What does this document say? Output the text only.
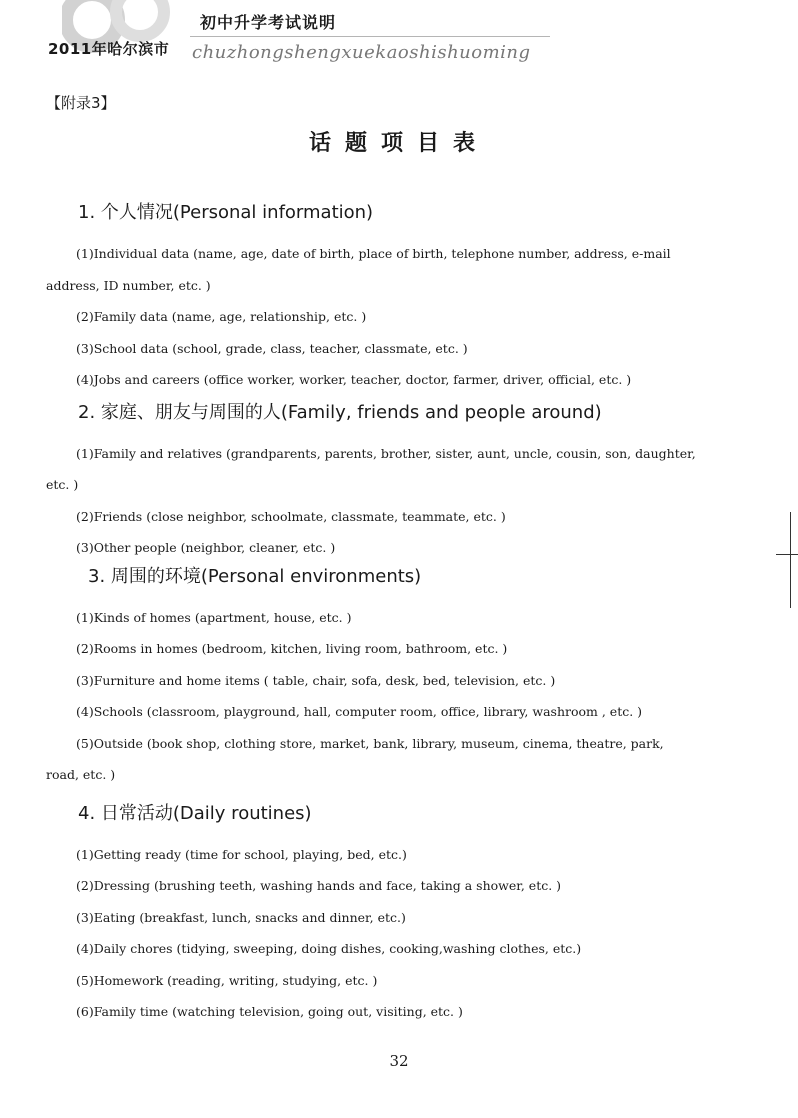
2011年哈尔滨市
初中升学考试说明
chuzhongshengxuekaoshishuoming
【附录3】
话题项目表
1. 个人情况(Personal information)

(1)Individual data (name, age, date of birth, place of birth, telephone number, address, e-mail address, ID number, etc. )

(2)Family data (name, age, relationship, etc. )

(3)School data (school, grade, class, teacher, classmate, etc. )

(4)Jobs and careers (office worker, worker, teacher, doctor, farmer, driver, official, etc. )

2. 家庭、朋友与周围的人(Family, friends and people around)

(1)Family and relatives (grandparents, parents, brother, sister, aunt, uncle, cousin, son, daughter, etc. )

(2)Friends (close neighbor, schoolmate, classmate, teammate, etc. )

(3)Other people (neighbor, cleaner, etc. )

3. 周围的环境(Personal environments)

(1)Kinds of homes (apartment, house, etc. )

(2)Rooms in homes (bedroom, kitchen, living room, bathroom, etc. )

(3)Furniture and home items ( table, chair, sofa, desk, bed, television, etc. )

(4)Schools (classroom, playground, hall, computer room, office, library, washroom , etc. )

(5)Outside (book shop, clothing store, market, bank, library, museum, cinema, theatre, park, road, etc. )

4. 日常活动(Daily routines)

(1)Getting ready (time for school, playing, bed, etc.)

(2)Dressing (brushing teeth, washing hands and face, taking a shower, etc. )

(3)Eating (breakfast, lunch, snacks and dinner, etc.)

(4)Daily chores (tidying, sweeping, doing dishes, cooking,washing clothes, etc.)

(5)Homework (reading, writing, studying, etc. )

(6)Family time (watching television, going out, visiting, etc. )

32
